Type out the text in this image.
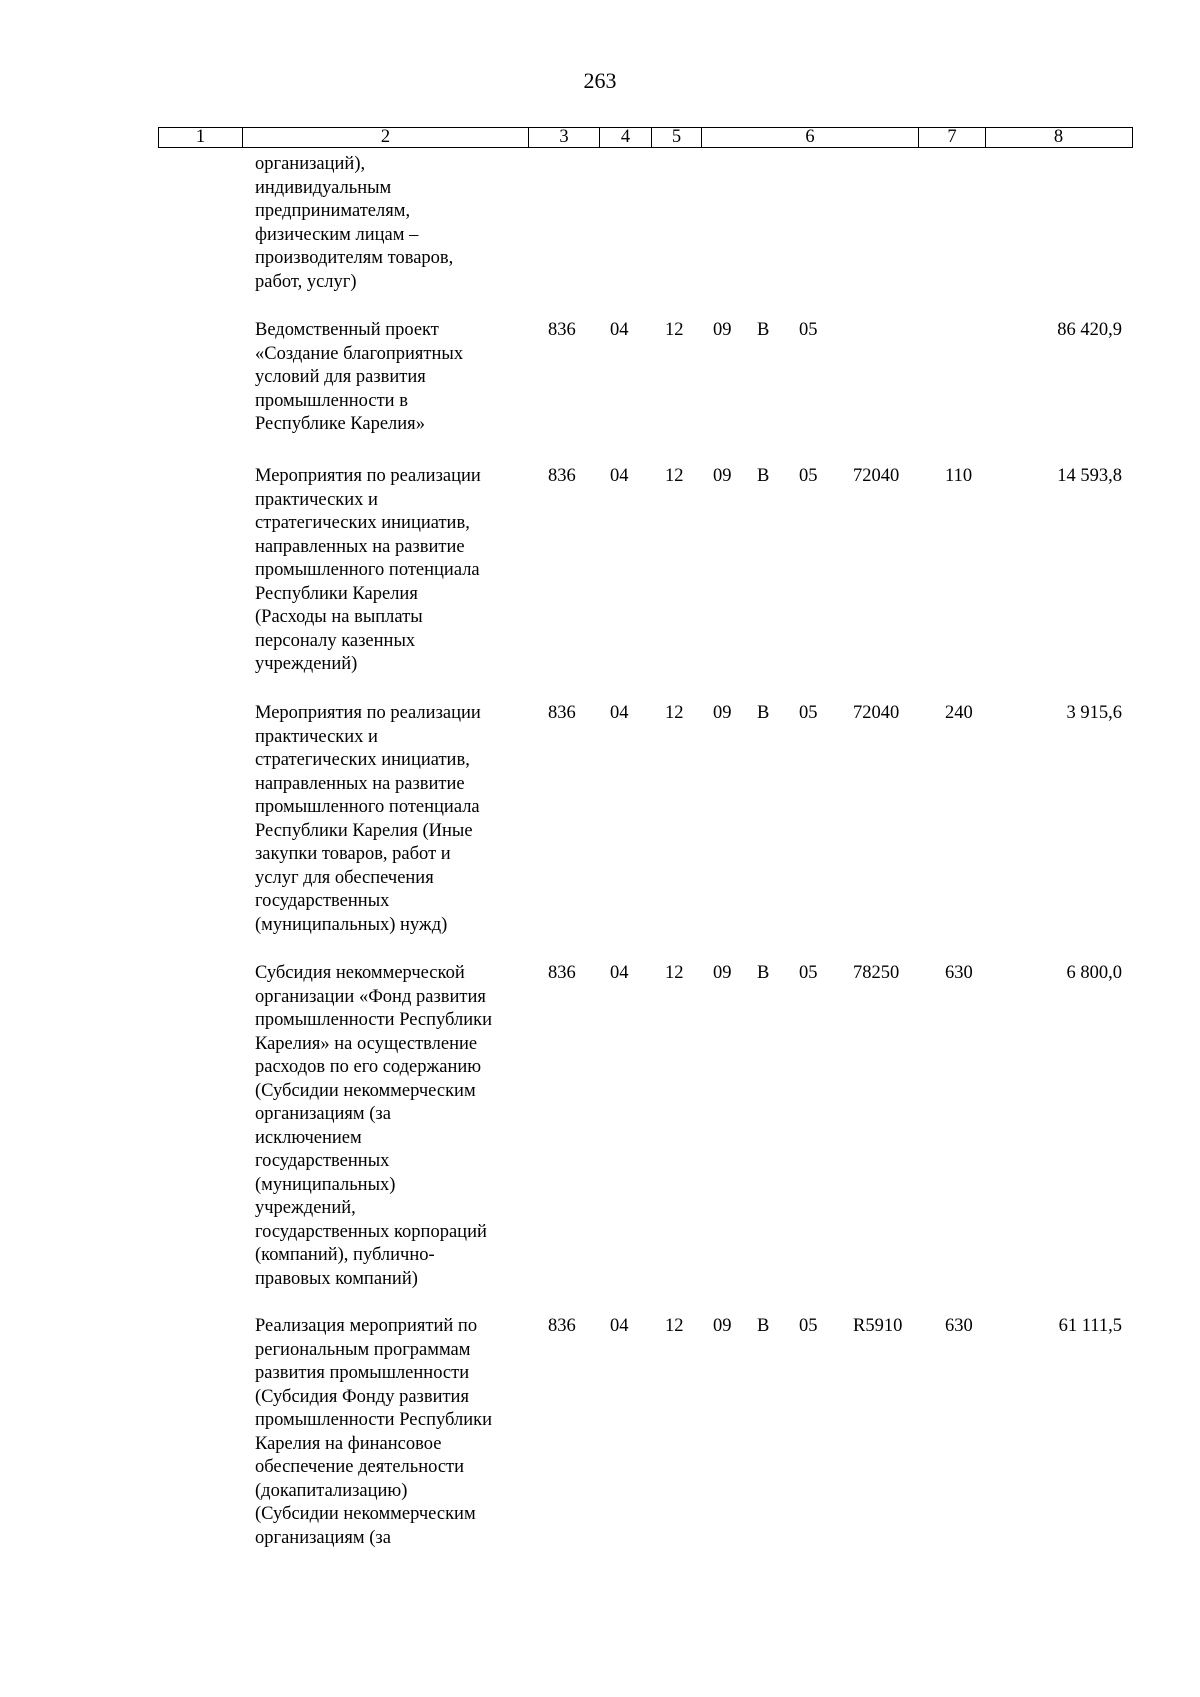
263
1	2	3	4	5	6	7	8
организаций),
индивидуальным
предпринимателям,
физическим лицам –
производителям товаров,
работ, услуг)
Ведомственный проект
«Создание благоприятных
условий для развития
промышленности в
Республике Карелия»
836 04 12 09 В 05	86 420,9
Мероприятия по реализации
практических и
стратегических инициатив,
направленных на развитие
промышленного потенциала
Республики Карелия
(Расходы на выплаты
персоналу казенных
учреждений)
836 04 12 09 В 05 72040 110	14 593,8
Мероприятия по реализации
практических и
стратегических инициатив,
направленных на развитие
промышленного потенциала
Республики Карелия (Иные
закупки товаров, работ и
услуг для обеспечения
государственных
(муниципальных) нужд)
836 04 12 09 В 05 72040 240	3 915,6
Субсидия некоммерческой
организации «Фонд развития
промышленности Республики
Карелия» на осуществление
расходов по его содержанию
(Субсидии некоммерческим
организациям (за
исключением
государственных
(муниципальных)
учреждений,
государственных корпораций
(компаний), публично-
правовых компаний)
836 04 12 09 В 05 78250 630	6 800,0
Реализация мероприятий по
региональным программам
развития промышленности
(Субсидия Фонду развития
промышленности Республики
Карелия на финансовое
обеспечение деятельности
(докапитализацию)
(Субсидии некоммерческим
организациям (за
836 04 12 09 В 05 R5910 630	61 111,5
